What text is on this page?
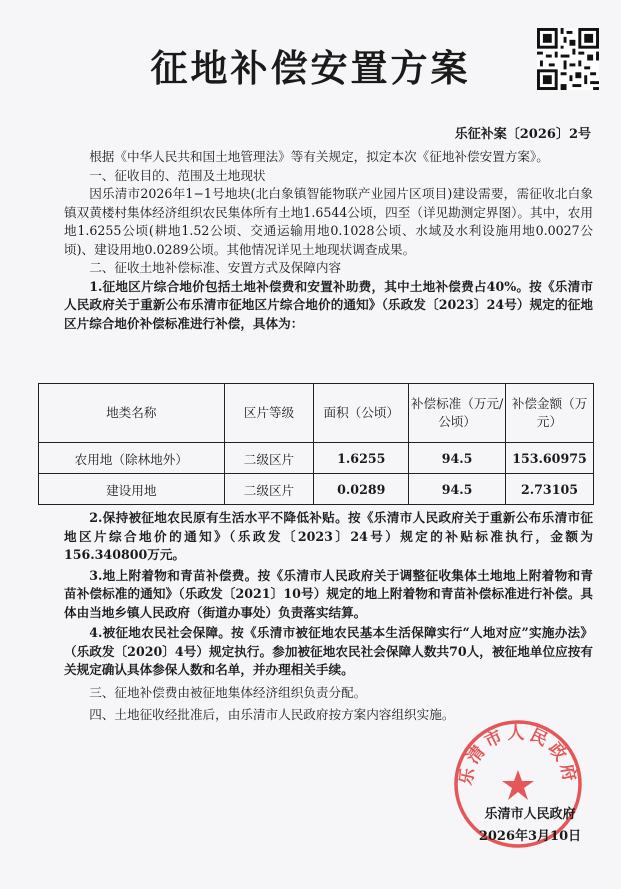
征地补偿安置方案
乐征补案〔2026〕2号

根据《中华人民共和国土地管理法》等有关规定，拟定本次《征地补偿安置方案》。

一、征收目的、范围及土地现状

因乐清市2026年1−1号地块(北白象镇智能物联产业园片区项目)建设需要，需征收北白象镇双黄楼村集体经济组织农民集体所有土地1.6544公顷，四至（详见勘测定界图）。其中，农用地1.6255公顷(耕地1.52公顷、交通运输用地0.1028公顷、水域及水利设施用地0.0027公顷)、建设用地0.0289公顷。其他情况详见土地现状调查成果。

二、征收土地补偿标准、安置方式及保障内容

1.征地区片综合地价包括土地补偿费和安置补助费，其中土地补偿费占40%。按《乐清市人民政府关于重新公布乐清市征地区片综合地价的通知》（乐政发〔2023〕24号）规定的征地区片综合地价补偿标准进行补偿，具体为：

地类名称	区片等级	面积（公顷）	补偿标准（万元/公顷）	补偿金额（万元）
农用地（除林地外）	二级区片	1.6255	94.5	153.60975
建设用地	二级区片	0.0289	94.5	2.73105

2.保持被征地农民原有生活水平不降低补贴。按《乐清市人民政府关于重新公布乐清市征地区片综合地价的通知》（乐政发〔2023〕24号）规定的补贴标准执行，金额为156.340800万元。

3.地上附着物和青苗补偿费。按《乐清市人民政府关于调整征收集体土地地上附着物和青苗补偿标准的通知》（乐政发〔2021〕10号）规定的地上附着物和青苗补偿标准进行补偿。具体由当地乡镇人民政府（街道办事处）负责落实结算。

4.被征地农民社会保障。按《乐清市被征地农民基本生活保障实行“人地对应”实施办法》（乐政发〔2020〕4号）规定执行。参加被征地农民社会保障人数共70人，被征地单位应按有关规定确认具体参保人数和名单，并办理相关手续。

三、征地补偿费由被征地集体经济组织负责分配。

四、土地征收经批准后，由乐清市人民政府按方案内容组织实施。

乐清市人民政府
乐清市人民政府
2026年3月10日
